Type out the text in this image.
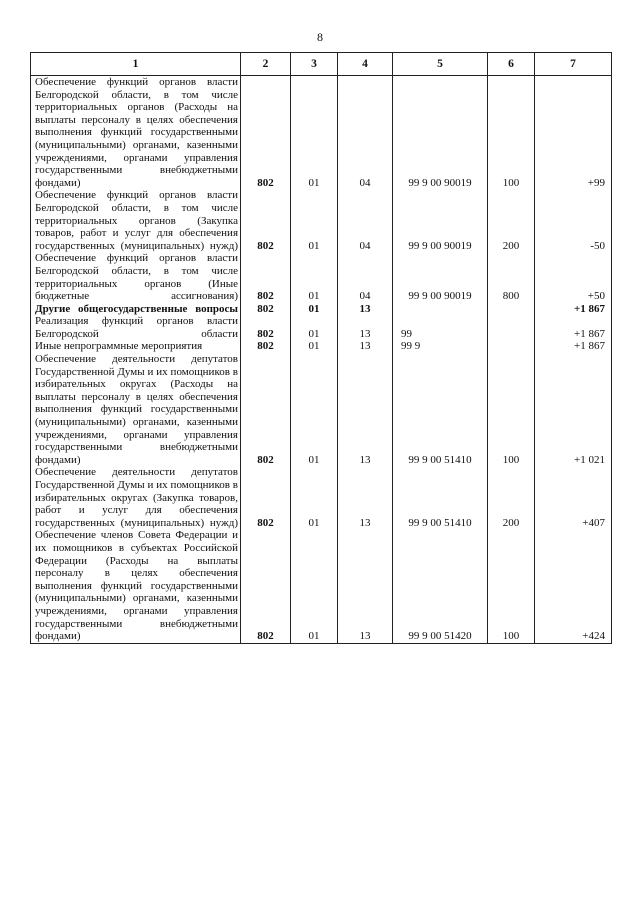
8
1	2	3	4	5	6	7
Обеспечение функций органов власти Белгородской области, в том числе территориальных органов (Расходы на выплаты персоналу в целях обеспечения выполнения функций государственными (муниципальными) органами, казенными учреждениями, органами управления государственными внебюджетными фондами)	802	01	04	99 9 00 90019	100	+99
Обеспечение функций органов власти Белгородской области, в том числе территориальных органов (Закупка товаров, работ и услуг для обеспечения государственных (муниципальных) нужд)	802	01	04	99 9 00 90019	200	-50
Обеспечение функций органов власти Белгородской области, в том числе территориальных органов (Иные бюджетные ассигнования)	802	01	04	99 9 00 90019	800	+50
Другие общегосударственные вопросы	802	01	13			+1 867
Реализация функций органов власти Белгородской области	802	01	13	99		+1 867
Иные непрограммные мероприятия	802	01	13	99 9		+1 867
Обеспечение деятельности депутатов Государственной Думы и их помощников в избирательных округах (Расходы на выплаты персоналу в целях обеспечения выполнения функций государственными (муниципальными) органами, казенными учреждениями, органами управления государственными внебюджетными фондами)	802	01	13	99 9 00 51410	100	+1 021
Обеспечение деятельности депутатов Государственной Думы и их помощников в избирательных округах (Закупка товаров, работ и услуг для обеспечения государственных (муниципальных) нужд)	802	01	13	99 9 00 51410	200	+407
Обеспечение членов Совета Федерации и их помощников в субъектах Российской Федерации (Расходы на выплаты персоналу в целях обеспечения выполнения функций государственными (муниципальными) органами, казенными учреждениями, органами управления государственными внебюджетными фондами)	802	01	13	99 9 00 51420	100	+424
